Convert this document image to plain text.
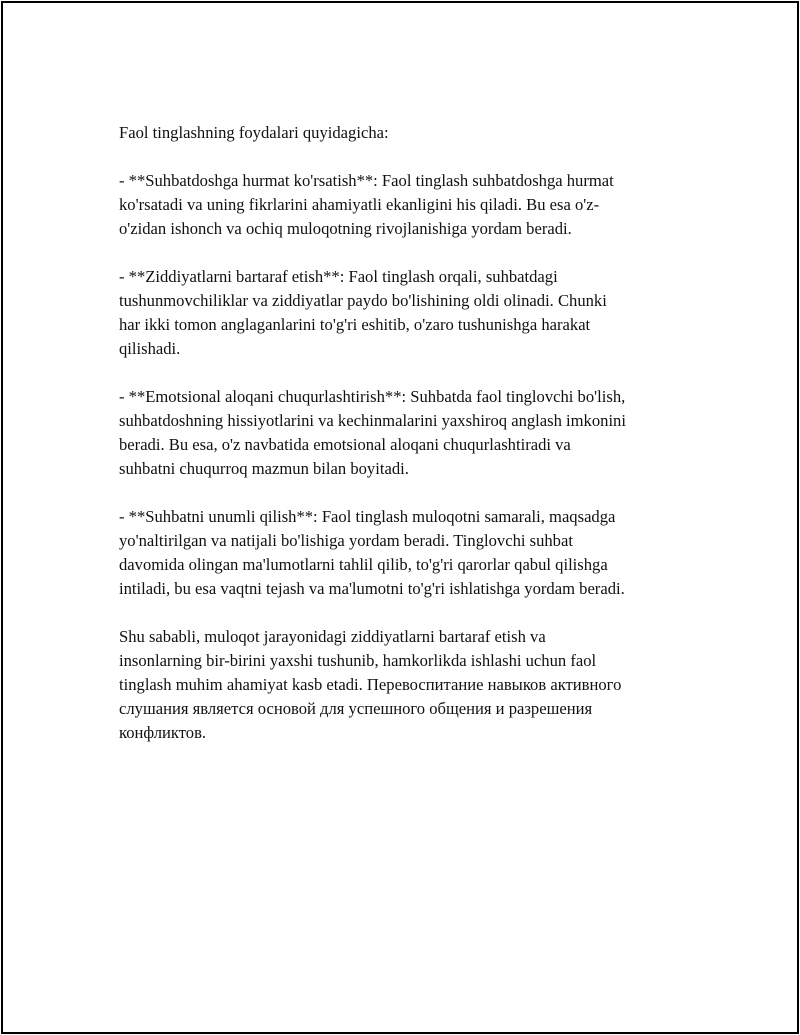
Faol tinglashning foydalari quyidagicha:

- **Suhbatdoshga hurmat ko'rsatish**: Faol tinglash suhbatdoshga hurmat
ko'rsatadi va uning fikrlarini ahamiyatli ekanligini his qiladi. Bu esa o'z-
o'zidan ishonch va ochiq muloqotning rivojlanishiga yordam beradi.

- **Ziddiyatlarni bartaraf etish**: Faol tinglash orqali, suhbatdagi
tushunmovchiliklar va ziddiyatlar paydo bo'lishining oldi olinadi. Chunki
har ikki tomon anglaganlarini to'g'ri eshitib, o'zaro tushunishga harakat
qilishadi.

- **Emotsional aloqani chuqurlashtirish**: Suhbatda faol tinglovchi bo'lish,
suhbatdoshning hissiyotlarini va kechinmalarini yaxshiroq anglash imkonini
beradi. Bu esa, o'z navbatida emotsional aloqani chuqurlashtiradi va
suhbatni chuqurroq mazmun bilan boyitadi.

- **Suhbatni unumli qilish**: Faol tinglash muloqotni samarali, maqsadga
yo'naltirilgan va natijali bo'lishiga yordam beradi. Tinglovchi suhbat
davomida olingan ma'lumotlarni tahlil qilib, to'g'ri qarorlar qabul qilishga
intiladi, bu esa vaqtni tejash va ma'lumotni to'g'ri ishlatishga yordam beradi.

Shu sababli, muloqot jarayonidagi ziddiyatlarni bartaraf etish va
insonlarning bir-birini yaxshi tushunib, hamkorlikda ishlashi uchun faol
tinglash muhim ahamiyat kasb etadi. Перевоспитание навыков активного
слушания является основой для успешного общения и разрешения
конфликтов.
